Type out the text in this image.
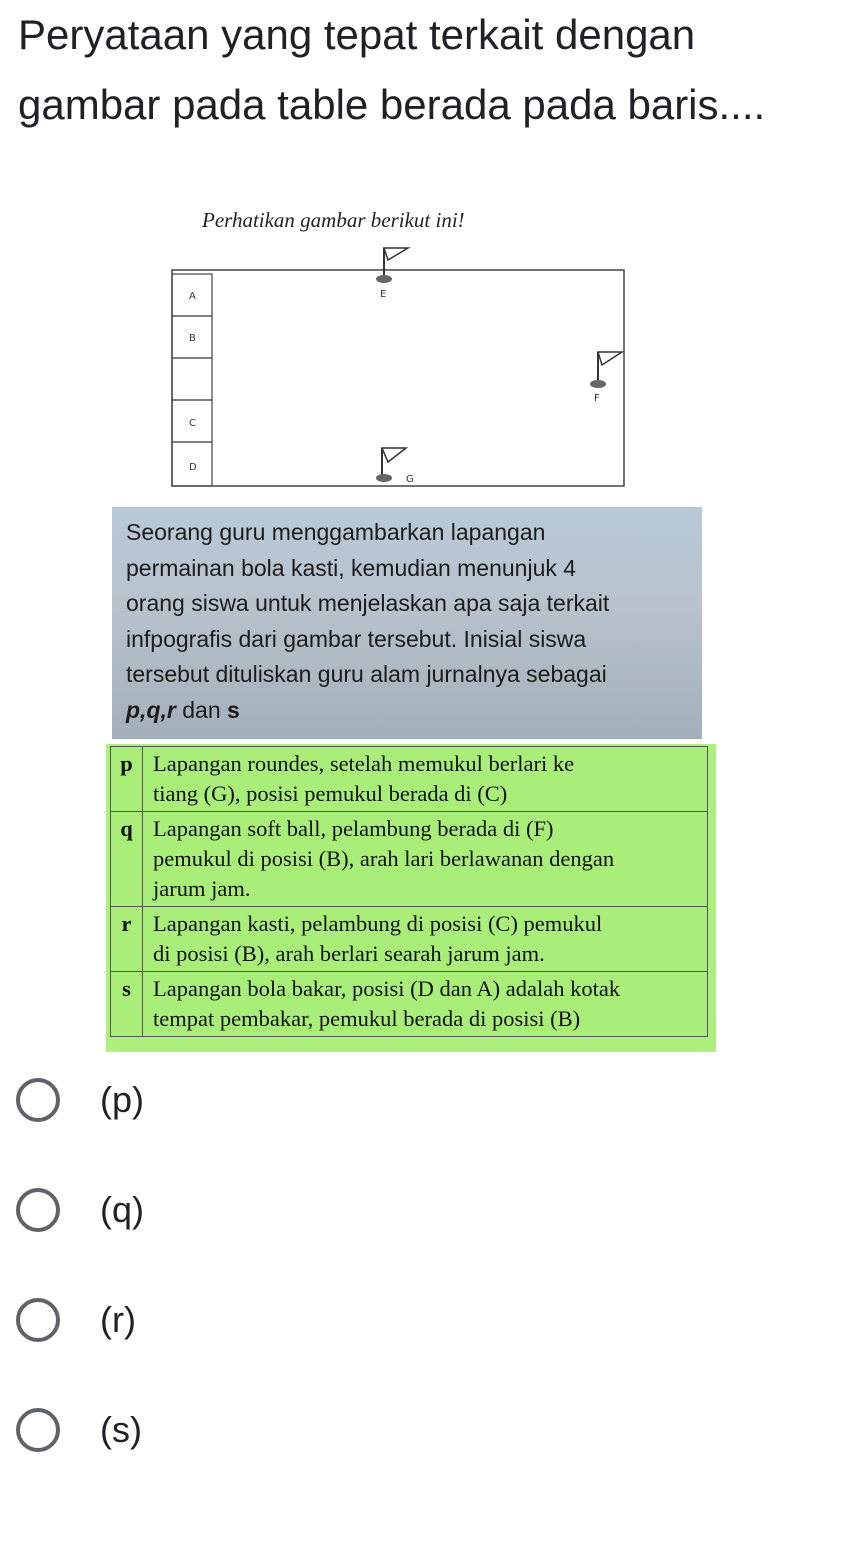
Peryataan yang tepat terkait dengan gambar pada table berada pada baris....
Perhatikan gambar berikut ini!
A
B
C
D
E
F
G
Seorang guru menggambarkan lapangan
permainan bola kasti, kemudian menunjuk 4
orang siswa untuk menjelaskan apa saja terkait
infpografis dari gambar tersebut. Inisial siswa
tersebut dituliskan guru alam jurnalnya sebagai
p,q,r dan s
p	Lapangan roundes, setelah memukul berlari ke
tiang (G), posisi pemukul berada di (C)

q	Lapangan soft ball, pelambung berada di (F)
pemukul di posisi (B), arah lari berlawanan dengan
jarum jam.

r	Lapangan kasti, pelambung di posisi (C) pemukul
di posisi (B), arah berlari searah jarum jam.

s	Lapangan bola bakar, posisi (D dan A) adalah kotak
tempat pembakar, pemukul berada di posisi (B)
(p)
(q)
(r)
(s)
